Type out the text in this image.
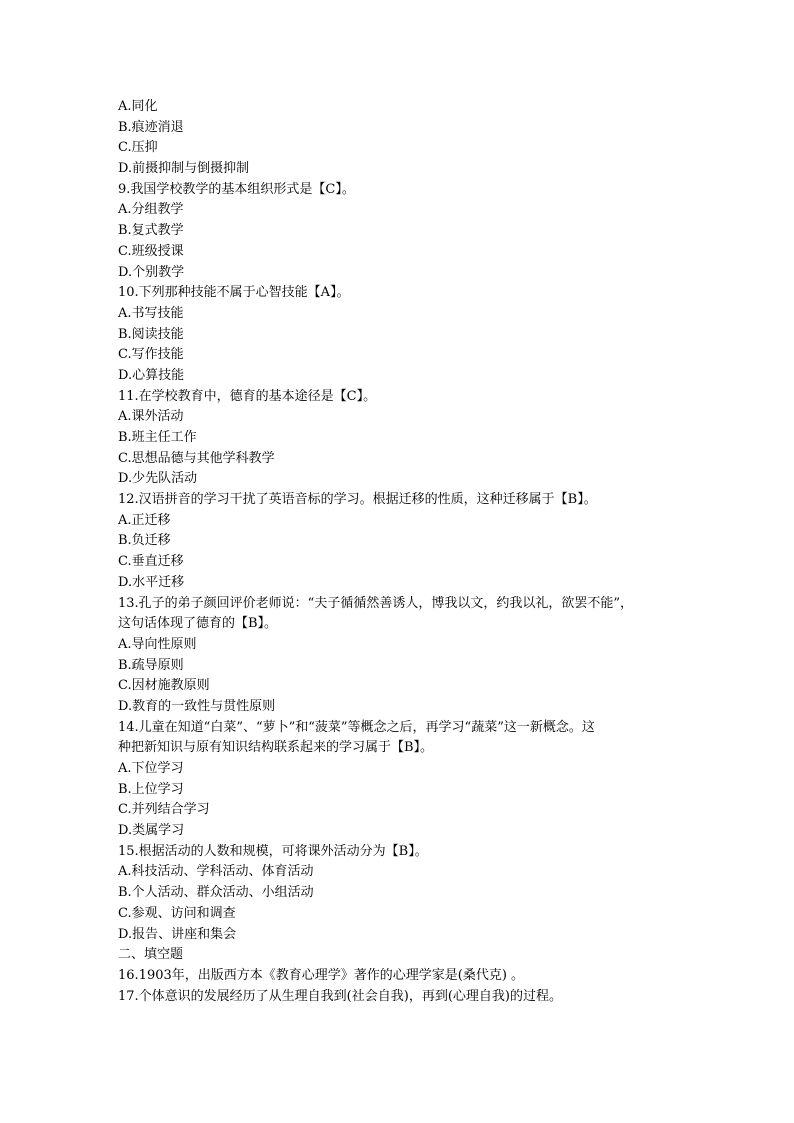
A.同化
B.痕迹消退
C.压抑
D.前摄抑制与倒摄抑制
9.我国学校教学的基本组织形式是【C】。
A.分组教学
B.复式教学
C.班级授课
D.个别教学
10.下列那种技能不属于心智技能【A】。
A.书写技能
B.阅读技能
C.写作技能
D.心算技能
11.在学校教育中，德育的基本途径是【C】。
A.课外活动
B.班主任工作
C.思想品德与其他学科教学
D.少先队活动
12.汉语拼音的学习干扰了英语音标的学习。根据迁移的性质，这种迁移属于【B】。
A.正迁移
B.负迁移
C.垂直迁移
D.水平迁移
13.孔子的弟子颜回评价老师说：“夫子循循然善诱人，博我以文，约我以礼，欲罢不能”，
这句话体现了德育的【B】。
A.导向性原则
B.疏导原则
C.因材施教原则
D.教育的一致性与贯性原则
14.儿童在知道“白菜”、“萝卜”和“菠菜”等概念之后，再学习“蔬菜”这一新概念。这
种把新知识与原有知识结构联系起来的学习属于【B】。
A.下位学习
B.上位学习
C.并列结合学习
D.类属学习
15.根据活动的人数和规模，可将课外活动分为【B】。
A.科技活动、学科活动、体育活动
B.个人活动、群众活动、小组活动
C.参观、访问和调查
D.报告、讲座和集会
二、填空题
16.1903年，出版西方本《教育心理学》著作的心理学家是(桑代克) 。
17.个体意识的发展经历了从生理自我到(社会自我)，再到(心理自我)的过程。
